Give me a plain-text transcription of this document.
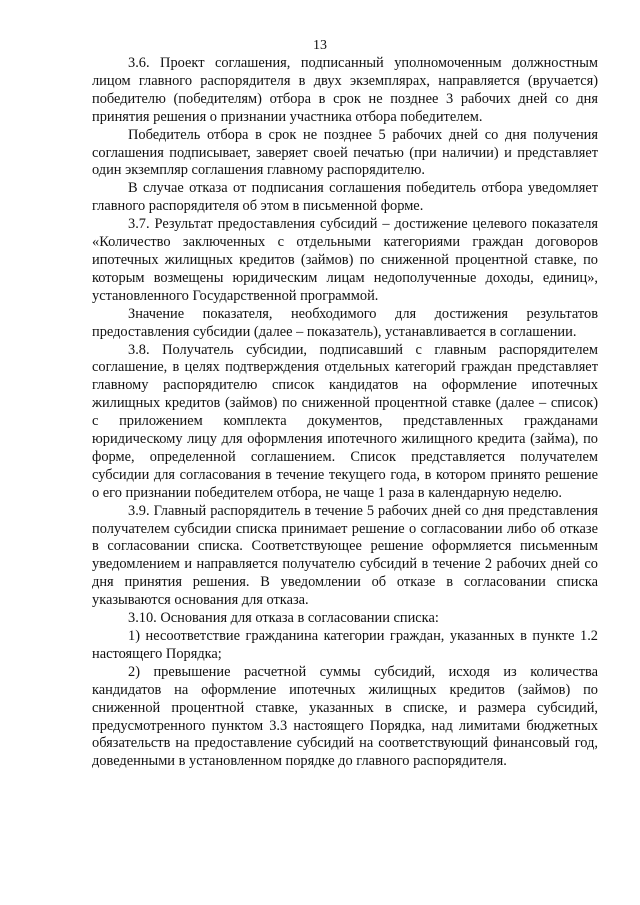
13

3.6. Проект соглашения, подписанный уполномоченным должностным лицом главного распорядителя в двух экземплярах, направляется (вручается) победителю (победителям) отбора в срок не позднее 3 рабочих дней со дня принятия решения о признании участника отбора победителем.

Победитель отбора в срок не позднее 5 рабочих дней со дня получения соглашения подписывает, заверяет своей печатью (при наличии) и представляет один экземпляр соглашения главному распорядителю.

В случае отказа от подписания соглашения победитель отбора уведомляет главного распорядителя об этом в письменной форме.

3.7. Результат предоставления субсидий – достижение целевого показателя «Количество заключенных с отдельными категориями граждан договоров ипотечных жилищных кредитов (займов) по сниженной процентной ставке, по которым возмещены юридическим лицам недополученные доходы, единиц», установленного Государственной программой.

Значение показателя, необходимого для достижения результатов предоставления субсидии (далее – показатель), устанавливается в соглашении.

3.8. Получатель субсидии, подписавший с главным распорядителем соглашение, в целях подтверждения отдельных категорий граждан представляет главному распорядителю список кандидатов на оформление ипотечных жилищных кредитов (займов) по сниженной процентной ставке (далее – список) с приложением комплекта документов, представленных гражданами юридическому лицу для оформления ипотечного жилищного кредита (займа), по форме, определенной соглашением. Список представляется получателем субсидии для согласования в течение текущего года, в котором принято решение о его признании победителем отбора, не чаще 1 раза в календарную неделю.

3.9. Главный распорядитель в течение 5 рабочих дней со дня представления получателем субсидии списка принимает решение о согласовании либо об отказе в согласовании списка. Соответствующее решение оформляется письменным уведомлением и направляется получателю субсидий в течение 2 рабочих дней со дня принятия решения. В уведомлении об отказе в согласовании списка указываются основания для отказа.

3.10. Основания для отказа в согласовании списка:

1) несоответствие гражданина категории граждан, указанных в пункте 1.2 настоящего Порядка;

2) превышение расчетной суммы субсидий, исходя из количества кандидатов на оформление ипотечных жилищных кредитов (займов) по сниженной процентной ставке, указанных в списке, и размера субсидий, предусмотренного пунктом 3.3 настоящего Порядка, над лимитами бюджетных обязательств на предоставление субсидий на соответствующий финансовый год, доведенными в установленном порядке до главного распорядителя.
